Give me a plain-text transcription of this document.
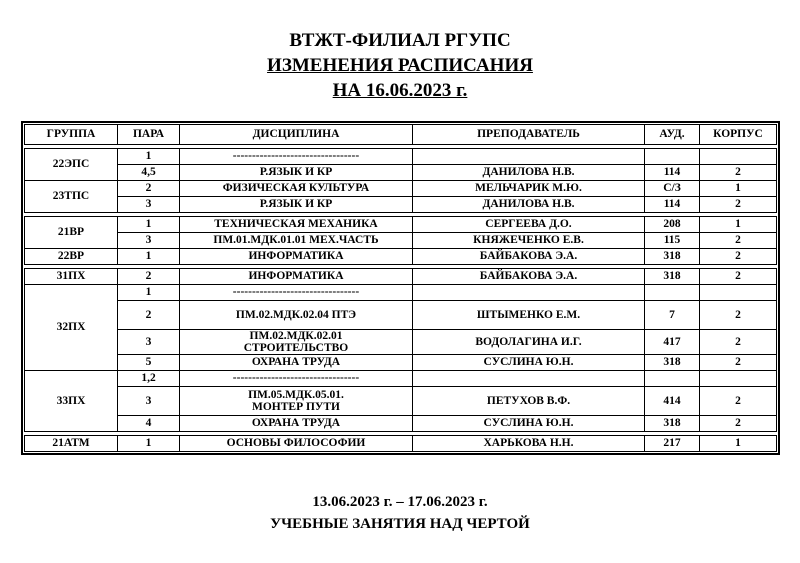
ВТЖТ-ФИЛИАЛ РГУПС
ИЗМЕНЕНИЯ РАСПИСАНИЯ
НА 16.06.2023 г.
ГРУППА	ПАРА	ДИСЦИПЛИНА	ПРЕПОДАВАТЕЛЬ	АУД.	КОРПУС

22ЭПС	1	---------------------------------			
	4,5	Р.ЯЗЫК И КР	ДАНИЛОВА Н.В.	114	2
23ТПС	2	ФИЗИЧЕСКАЯ КУЛЬТУРА	МЕЛЬЧАРИК М.Ю.	С/З	1
	3	Р.ЯЗЫК И КР	ДАНИЛОВА Н.В.	114	2

21ВР	1	ТЕХНИЧЕСКАЯ МЕХАНИКА	СЕРГЕЕВА Д.О.	208	1
	3	ПМ.01.МДК.01.01 МЕХ.ЧАСТЬ	КНЯЖЕЧЕНКО Е.В.	115	2
22ВР	1	ИНФОРМАТИКА	БАЙБАКОВА Э.А.	318	2

31ПХ	2	ИНФОРМАТИКА	БАЙБАКОВА Э.А.	318	2
32ПХ	1	---------------------------------			
	2	ПМ.02.МДК.02.04 ПТЭ	ШТЫМЕНКО Е.М.	7	2
	3	ПМ.02.МДК.02.01
СТРОИТЕЛЬСТВО	ВОДОЛАГИНА И.Г.	417	2
	5	ОХРАНА ТРУДА	СУСЛИНА Ю.Н.	318	2
33ПХ	1,2	---------------------------------			
	3	ПМ.05.МДК.05.01.
МОНТЕР ПУТИ	ПЕТУХОВ В.Ф.	414	2
	4	ОХРАНА ТРУДА	СУСЛИНА Ю.Н.	318	2

21АТМ	1	ОСНОВЫ ФИЛОСОФИИ	ХАРЬКОВА Н.Н.	217	1
13.06.2023 г. – 17.06.2023 г.
УЧЕБНЫЕ ЗАНЯТИЯ НАД ЧЕРТОЙ
